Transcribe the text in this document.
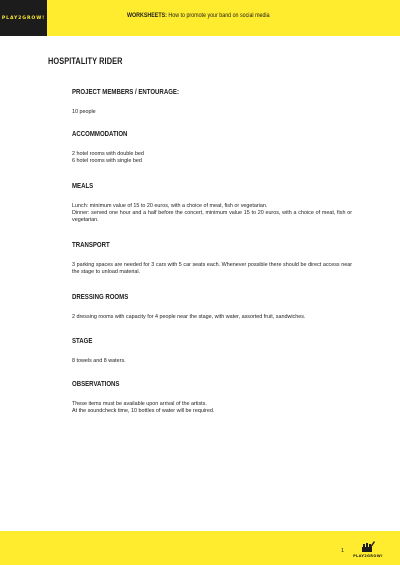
PLAY2GROW!	WORKSHEETS: How to promote your band on social media
HOSPITALITY RIDER
PROJECT MEMBERS / ENTOURAGE:

10 people

ACCOMMODATION

2 hotel rooms with double bed

6 hotel rooms with single bed

MEALS

Lunch: minimum value of 15 to 20 euros, with a choice of meat, fish or vegetarian.

Dinner: served one hour and a half before the concert, minimum value 15 to 20 euros, with a choice of meat, fish or vegetarian.

TRANSPORT

3 parking spaces are needed for 3 cars with 5 car seats each. Whenever possible there should be direct access near the stage to unload material.

DRESSING ROOMS

2 dressing rooms with capacity for 4 people near the stage, with water, assorted fruit, sandwiches.

STAGE

8 towels and 8 waters.

OBSERVATIONS

These items must be available upon arrival of the artists.

At the soundcheck time, 10 bottles of water will be required.

1
PLAY2GROW!
